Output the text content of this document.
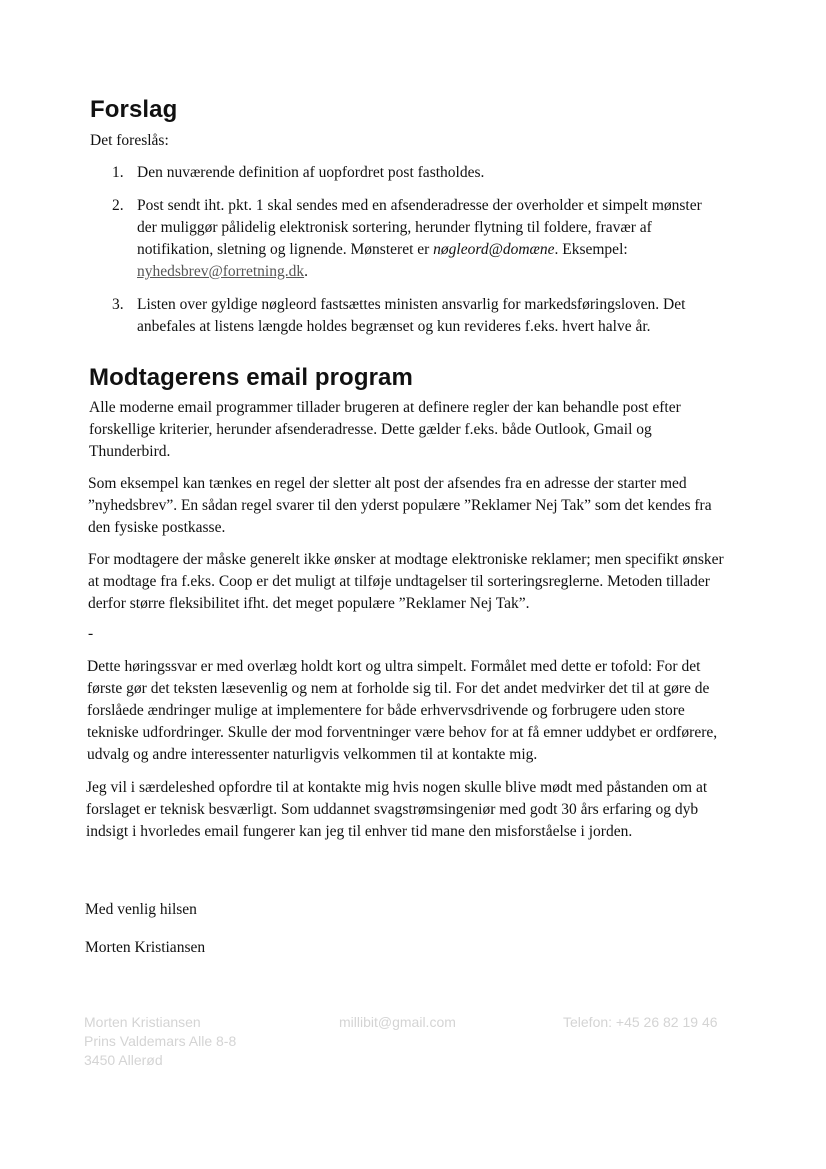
Forslag

Det foreslås:

1. Den nuværende definition af uopfordret post fastholdes.
2. Post sendt iht. pkt. 1 skal sendes med en afsenderadresse der overholder et simpelt mønster der muliggør pålidelig elektronisk sortering, herunder flytning til foldere, fravær af notifikation, sletning og lignende. Mønsteret er nøgleord@domæne. Eksempel: nyhedsbrev@forretning.dk.
3. Listen over gyldige nøgleord fastsættes ministen ansvarlig for markedsføringsloven. Det anbefales at listens længde holdes begrænset og kun revideres f.eks. hvert halve år.
Modtagerens email program

Alle moderne email programmer tillader brugeren at definere regler der kan behandle post efter forskellige kriterier, herunder afsenderadresse. Dette gælder f.eks. både Outlook, Gmail og Thunderbird.

Som eksempel kan tænkes en regel der sletter alt post der afsendes fra en adresse der starter med ”nyhedsbrev”. En sådan regel svarer til den yderst populære ”Reklamer Nej Tak” som det kendes fra den fysiske postkasse.

For modtagere der måske generelt ikke ønsker at modtage elektroniske reklamer; men specifikt ønsker at modtage fra f.eks. Coop er det muligt at tilføje undtagelser til sorteringsreglerne. Metoden tillader derfor større fleksibilitet ifht. det meget populære ”Reklamer Nej Tak”.

-

Dette høringssvar er med overlæg holdt kort og ultra simpelt. Formålet med dette er tofold: For det første gør det teksten læsevenlig og nem at forholde sig til. For det andet medvirker det til at gøre de forslåede ændringer mulige at implementere for både erhvervsdrivende og forbrugere uden store tekniske udfordringer. Skulle der mod forventninger være behov for at få emner uddybet er ordførere, udvalg og andre interessenter naturligvis velkommen til at kontakte mig.

Jeg vil i særdeleshed opfordre til at kontakte mig hvis nogen skulle blive mødt med påstanden om at forslaget er teknisk besværligt. Som uddannet svagstrømsingeniør med godt 30 års erfaring og dyb indsigt i hvorledes email fungerer kan jeg til enhver tid mane den misforståelse i jorden.

Med venlig hilsen

Morten Kristiansen

Morten Kristiansen
Prins Valdemars Alle 8-8
3450 Allerød
millibit@gmail.com	Telefon: +45 26 82 19 46
